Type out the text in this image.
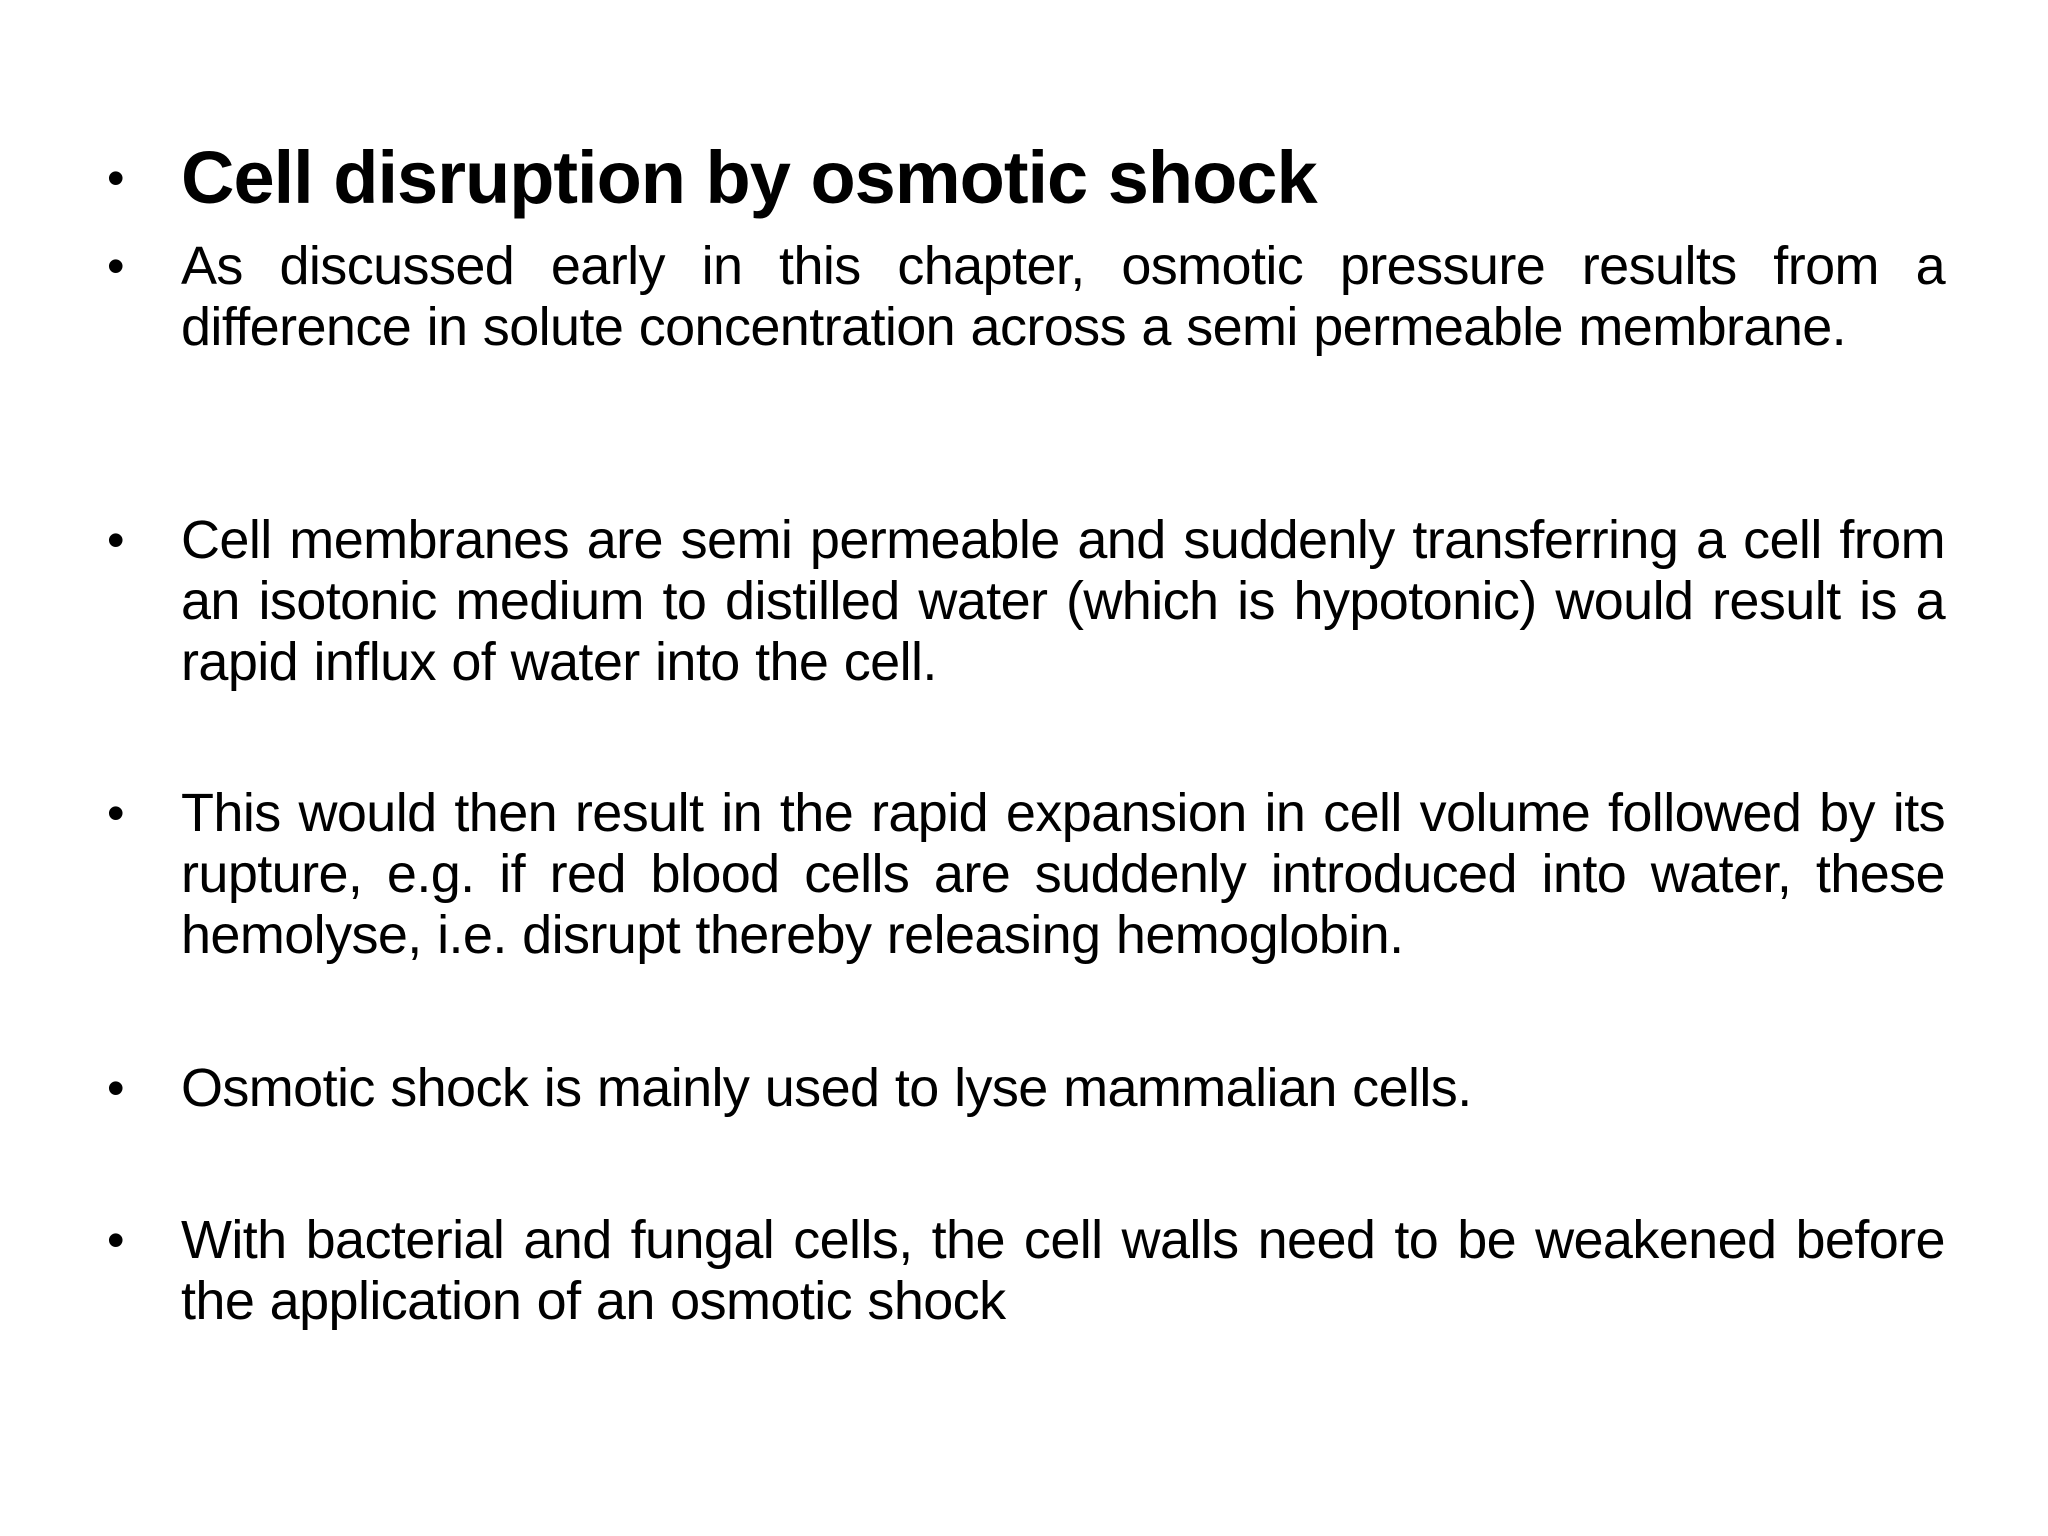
• Cell disruption by osmotic shock
•	As discussed early in this chapter, osmotic pressure results from a difference in solute concentration across a semi permeable membrane.
•	Cell membranes are semi permeable and suddenly transferring a cell from an isotonic medium to distilled water (which is hypotonic) would result is a rapid influx of water into the cell.
•	This would then result in the rapid expansion in cell volume followed by its rupture, e.g. if red blood cells are suddenly introduced into water, these hemolyse, i.e. disrupt thereby releasing hemoglobin.
•	Osmotic shock is mainly used to lyse mammalian cells.
•	With bacterial and fungal cells, the cell walls need to be weakened before the application of an osmotic shock
